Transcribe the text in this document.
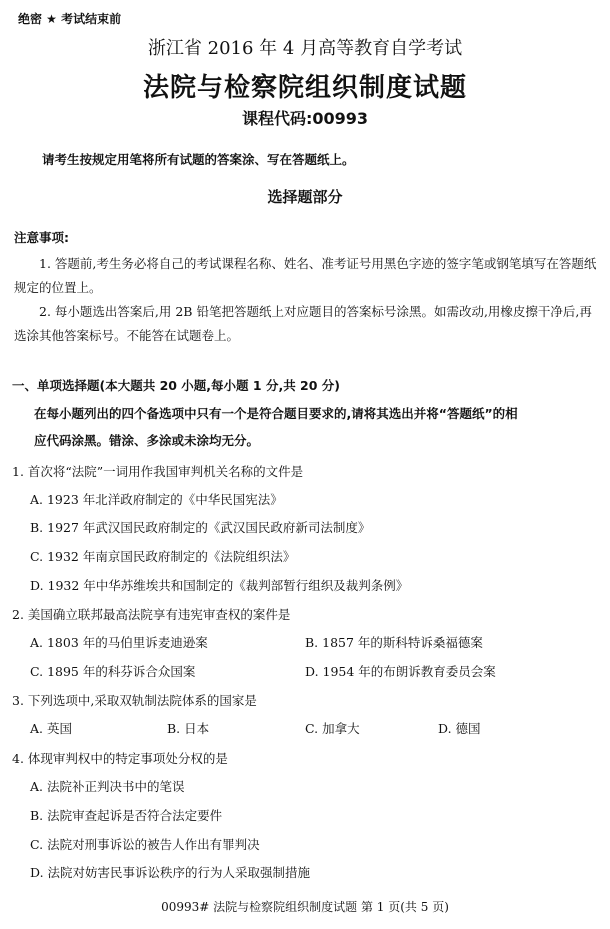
绝密 ★ 考试结束前
浙江省 2016 年 4 月高等教育自学考试
法院与检察院组织制度试题
课程代码:00993
请考生按规定用笔将所有试题的答案涂、写在答题纸上。
选择题部分
注意事项:
1. 答题前,考生务必将自己的考试课程名称、姓名、准考证号用黑色字迹的签字笔或钢笔填写在答题纸规定的位置上。
2. 每小题选出答案后,用 2B 铅笔把答题纸上对应题目的答案标号涂黑。如需改动,用橡皮擦干净后,再选涂其他答案标号。不能答在试题卷上。
一、单项选择题(本大题共 20 小题,每小题 1 分,共 20 分)
在每小题列出的四个备选项中只有一个是符合题目要求的,请将其选出并将“答题纸”的相
应代码涂黑。错涂、多涂或未涂均无分。
1. 首次将“法院”一词用作我国审判机关名称的文件是
A. 1923 年北洋政府制定的《中华民国宪法》
B. 1927 年武汉国民政府制定的《武汉国民政府新司法制度》
C. 1932 年南京国民政府制定的《法院组织法》
D. 1932 年中华苏维埃共和国制定的《裁判部暂行组织及裁判条例》
2. 美国确立联邦最高法院享有违宪审查权的案件是
A. 1803 年的马伯里诉麦迪逊案	B. 1857 年的斯科特诉桑福德案
C. 1895 年的科芬诉合众国案	D. 1954 年的布朗诉教育委员会案
3. 下列选项中,采取双轨制法院体系的国家是
A. 英国	B. 日本	C. 加拿大	D. 德国
4. 体现审判权中的特定事项处分权的是
A. 法院补正判决书中的笔误
B. 法院审查起诉是否符合法定要件
C. 法院对刑事诉讼的被告人作出有罪判决
D. 法院对妨害民事诉讼秩序的行为人采取强制措施
00993# 法院与检察院组织制度试题 第 1 页(共 5 页)
